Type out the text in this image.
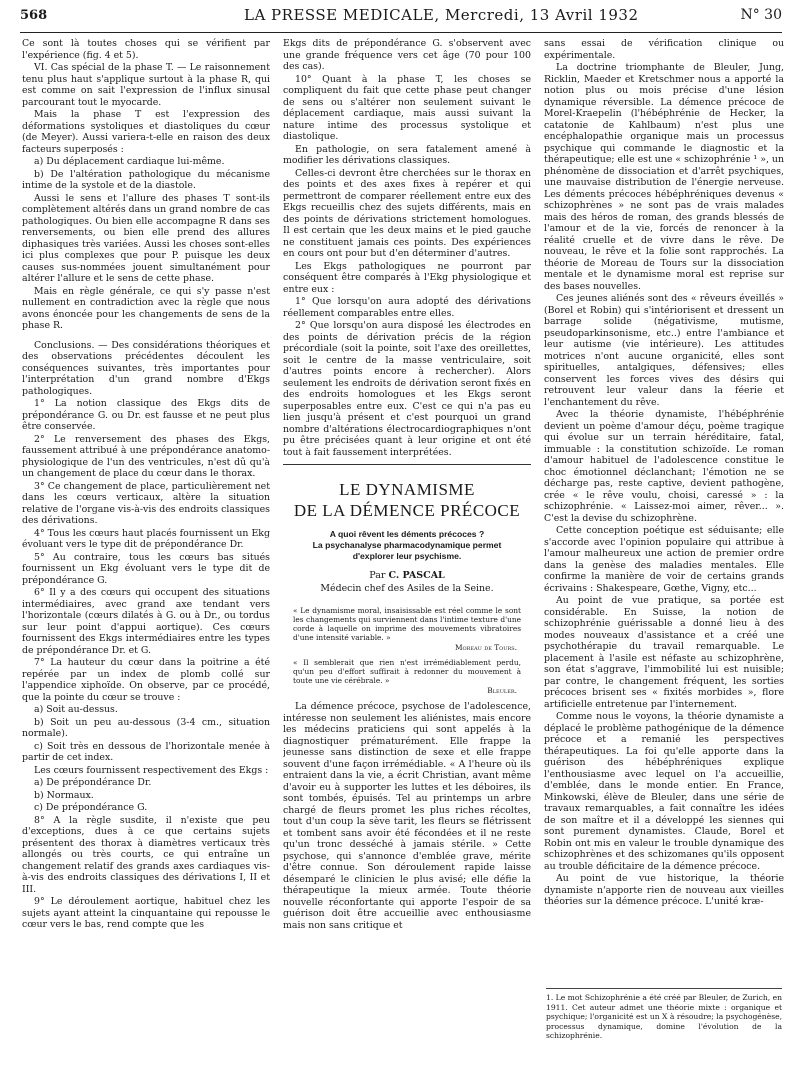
568	LA PRESSE MEDICALE, Mercredi, 13 Avril 1932	N° 30

Ce sont là toutes choses qui se vérifient par l'expérience (fig. 4 et 5).

VI. Cas spécial de la phase T. — Le raisonnement tenu plus haut s'applique surtout à la phase R, qui est comme on sait l'expression de l'influx sinusal parcourant tout le myocarde.

Mais la phase T est l'expression des déformations systoliques et diastoliques du cœur (de Meyer). Aussi variera-t-elle en raison des deux facteurs superposés :

a) Du déplacement cardiaque lui-même.

b) De l'altération pathologique du mécanisme intime de la systole et de la diastole.

Aussi le sens et l'allure des phases T sont-ils complètement altérés dans un grand nombre de cas pathologiques. Ou bien elle accompagne R dans ses renversements, ou bien elle prend des allures diphasiques très variées. Aussi les choses sont-elles ici plus complexes que pour P. puisque les deux causes sus-nommées jouent simultanément pour altérer l'allure et le sens de cette phase.

Mais en règle générale, ce qui s'y passe n'est nullement en contradiction avec la règle que nous avons énoncée pour les changements de sens de la phase R.

Conclusions. — Des considérations théoriques et des observations précédentes découlent les conséquences suivantes, très importantes pour l'interprétation d'un grand nombre d'Ekgs pathologiques.

1° La notion classique des Ekgs dits de prépondérance G. ou Dr. est fausse et ne peut plus être conservée.

2° Le renversement des phases des Ekgs, faussement attribué à une prépondérance anatomo-physiologique de l'un des ventricules, n'est dû qu'à un changement de place du cœur dans le thorax.

3° Ce changement de place, particulièrement net dans les cœurs verticaux, altère la situation relative de l'organe vis-à-vis des endroits classiques des dérivations.

4° Tous les cœurs haut placés fournissent un Ekg évoluant vers le type dit de prépondérance Dr.

5° Au contraire, tous les cœurs bas situés fournissent un Ekg évoluant vers le type dit de prépondérance G.

6° Il y a des cœurs qui occupent des situations intermédiaires, avec grand axe tendant vers l'horizontale (cœurs dilatés à G. ou à Dr., ou tordus sur leur point d'appui aortique). Ces cœurs fournissent des Ekgs intermédiaires entre les types de prépondérance Dr. et G.

7° La hauteur du cœur dans la poitrine a été repérée par un index de plomb collé sur l'appendice xiphoïde. On observe, par ce procédé, que la pointe du cœur se trouve :

a) Soit au-dessus.

b) Soit un peu au-dessous (3-4 cm., situation normale).

c) Soit très en dessous de l'horizontale menée à partir de cet index.

Les cœurs fournissent respectivement des Ekgs :

a) De prépondérance Dr.

b) Normaux.

c) De prépondérance G.

8° A la règle susdite, il n'existe que peu d'exceptions, dues à ce que certains sujets présentent des thorax à diamètres verticaux très allongés ou très courts, ce qui entraîne un changement relatif des grands axes cardiaques vis-à-vis des endroits classiques des dérivations I, II et III.

9° Le déroulement aortique, habituel chez les sujets ayant atteint la cinquantaine qui repousse le cœur vers le bas, rend compte que les

Ekgs dits de prépondérance G. s'observent avec une grande fréquence vers cet âge (70 pour 100 des cas).

10° Quant à la phase T, les choses se compliquent du fait que cette phase peut changer de sens ou s'altérer non seulement suivant le déplacement cardiaque, mais aussi suivant la nature intime des processus systolique et diastolique.

En pathologie, on sera fatalement amené à modifier les dérivations classiques.

Celles-ci devront être cherchées sur le thorax en des points et des axes fixes à repérer et qui permettront de comparer réellement entre eux des Ekgs recueillis chez des sujets différents, mais en des points de dérivations strictement homologues. Il est certain que les deux mains et le pied gauche ne constituent jamais ces points. Des expériences en cours ont pour but d'en déterminer d'autres.

Les Ekgs pathologiques ne pourront par conséquent être comparés à l'Ekg physiologique et entre eux :

1° Que lorsqu'on aura adopté des dérivations réellement comparables entre elles.

2° Que lorsqu'on aura disposé les électrodes en des points de dérivation précis de la région précordiale (soit la pointe, soit l'axe des oreillettes, soit le centre de la masse ventriculaire, soit d'autres points encore à rechercher). Alors seulement les endroits de dérivation seront fixés en des endroits homologues et les Ekgs seront superposables entre eux. C'est ce qui n'a pas eu lien jusqu'à présent et c'est pourquoi un grand nombre d'altérations électrocardiographiques n'ont pu être précisées quant à leur origine et ont été tout à fait faussement interprétées.

LE DYNAMISME
DE LA DÉMENCE PRÉCOCE
A quoi rêvent les déments précoces ?
La psychanalyse pharmacodynamique permet
d'explorer leur psychisme.
Par C. PASCAL
Médecin chef des Asiles de la Seine.
« Le dynamisme moral, insaisissable est réel comme le sont les changements qui surviennent dans l'intime texture d'une corde à laquelle on imprime des mouvements vibratoires d'une intensité variable. »
Moreau de Tours.
« Il semblerait que rien n'est irrémédiablement perdu, qu'un peu d'effort suffirait à redonner du mouvement à toute une vie cérébrale. »
Bleuler.

La démence précoce, psychose de l'adolescence, intéresse non seulement les aliénistes, mais encore les médecins praticiens qui sont appelés à la diagnostiquer prématurément. Elle frappe la jeunesse sans distinction de sexe et elle frappe souvent d'une façon irrémédiable. « A l'heure où ils entraient dans la vie, a écrit Christian, avant même d'avoir eu à supporter les luttes et les déboires, ils sont tombés, épuisés. Tel au printemps un arbre chargé de fleurs promet les plus riches récoltes, tout d'un coup la sève tarit, les fleurs se flétrissent et tombent sans avoir été fécondées et il ne reste qu'un tronc desséché à jamais stérile. » Cette psychose, qui s'annonce d'emblée grave, mérite d'être connue. Son déroulement rapide laisse désemparé le clinicien le plus avisé; elle défie la thérapeutique la mieux armée. Toute théorie nouvelle réconfortante qui apporte l'espoir de sa guérison doit être accueillie avec enthousiasme mais non sans critique et

sans essai de vérification clinique ou expérimentale.

La doctrine triomphante de Bleuler, Jung, Ricklin, Maeder et Kretschmer nous a apporté la notion plus ou mois précise d'une lésion dynamique réversible. La démence précoce de Morel-Kraepelin (l'hébéphrénie de Hecker, la catatonie de Kahlbaum) n'est plus une encéphalopathie organique mais un processus psychique qui commande le diagnostic et la thérapeutique; elle est une « schizophrénie ¹ », un phénomène de dissociation et d'arrêt psychiques, une mauvaise distribution de l'énergie nerveuse. Les déments précoces hébéphréniques devenus « schizophrènes » ne sont pas de vrais malades mais des héros de roman, des grands blessés de l'amour et de la vie, forcés de renoncer à la réalité cruelle et de vivre dans le rêve. De nouveau, le rêve et la folie sont rapprochés. La théorie de Moreau de Tours sur la dissociation mentale et le dynamisme moral est reprise sur des bases nouvelles.

Ces jeunes aliénés sont des « rêveurs éveillés » (Borel et Robin) qui s'intériorisent et dressent un barrage solide (négativisme, mutisme, pseudoparkinsonisme, etc..) entre l'ambiance et leur autisme (vie intérieure). Les attitudes motrices n'ont aucune organicité, elles sont spirituelles, antalgiques, défensives; elles conservent les forces vives des désirs qui retrouvent leur valeur dans la féerie et l'enchantement du rêve.

Avec la théorie dynamiste, l'hébéphrénie devient un poème d'amour déçu, poème tragique qui évolue sur un terrain héréditaire, fatal, immuable : la constitution schizoïde. Le roman d'amour habituel de l'adolescence constitue le choc émotionnel déclanchant; l'émotion ne se décharge pas, reste captive, devient pathogène, crée « le rêve voulu, choisi, caressé » : la schizophrénie. « Laissez-moi aimer, rêver... ». C'est la devise du schizophrène.

Cette conception poétique est séduisante; elle s'accorde avec l'opinion populaire qui attribue à l'amour malheureux une action de premier ordre dans la genèse des maladies mentales. Elle confirme la manière de voir de certains grands écrivains : Shakespeare, Gœthe, Vigny, etc...

Au point de vue pratique, sa portée est considérable. En Suisse, la notion de schizophrénie guérissable a donné lieu à des modes nouveaux d'assistance et a créé une psychothérapie du travail remarquable. Le placement à l'asile est néfaste au schizophrène, son état s'aggrave, l'immobilité lui est nuisible; par contre, le changement fréquent, les sorties précoces brisent ses « fixités morbides », flore artificielle entretenue par l'internement.

Comme nous le voyons, la théorie dynamiste a déplacé le problème pathogénique de la démence précoce et a remanié les perspectives thérapeutiques. La foi qu'elle apporte dans la guérison des hébéphréniques explique l'enthousiasme avec lequel on l'a accueillie, d'emblée, dans le monde entier. En France, Minkowski, élève de Bleuler, dans une série de travaux remarquables, a fait connaître les idées de son maître et il a développé les siennes qui sont purement dynamistes. Claude, Borel et Robin ont mis en valeur le trouble dynamique des schizophrènes et des schizomanes qu'ils opposent au trouble déficitaire de la démence précoce.

Au point de vue historique, la théorie dynamiste n'apporte rien de nouveau aux vieilles théories sur la démence précoce. L'unité kræ-

1. Le mot Schizophrénie a été créé par Bleuler, de Zurich, en 1911. Cet auteur admet une théorie mixte : organique et psychique; l'organicité est un X à résoudre; la psychogénèse, processus dynamique, domine l'évolution de la schizophrénie.
